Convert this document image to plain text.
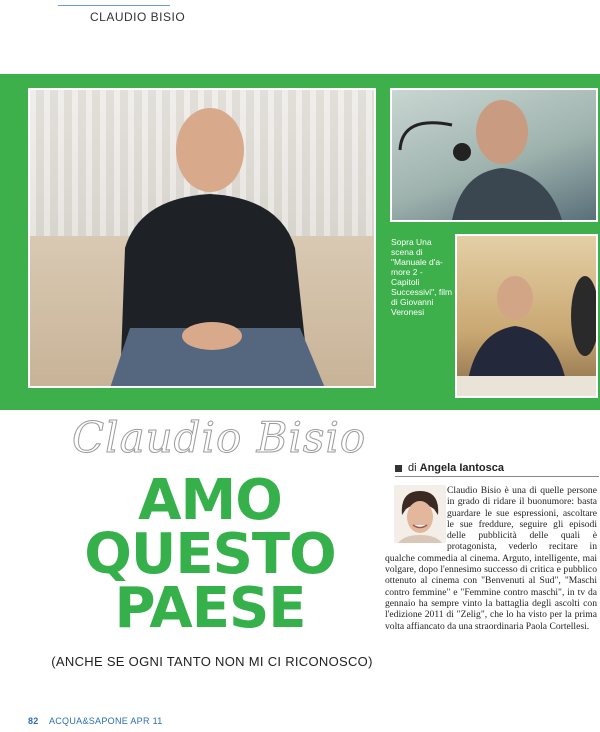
CLAUDIO BISIO
Sopra Una scena di "Manuale d'a-more 2 - Capitoli Successivi", film di Giovanni Veronesi
Claudio Bisio
AMO
QUESTO
PAESE
(ANCHE SE OGNI TANTO NON MI CI RICONOSCO)
di Angela Iantosca
Claudio Bisio è una di quelle persone in grado di ridare il buonumore: basta guardare le sue espressioni, ascoltare le sue freddure, seguire gli episodi delle pubblicità delle quali è protagonista, vederlo recitare in qualche commedia al cinema. Arguto, intelligente, mai volgare, dopo l'ennesimo successo di critica e pubblico ottenuto al cinema con "Benvenuti al Sud", "Maschi contro femmine" e "Femmine contro maschi", in tv da gennaio ha sempre vinto la battaglia degli ascolti con l'edizione 2011 di "Zelig", che lo ha visto per la prima volta affiancato da una straordinaria Paola Cortellesi.
82 ACQUA&SAPONE APR 11
